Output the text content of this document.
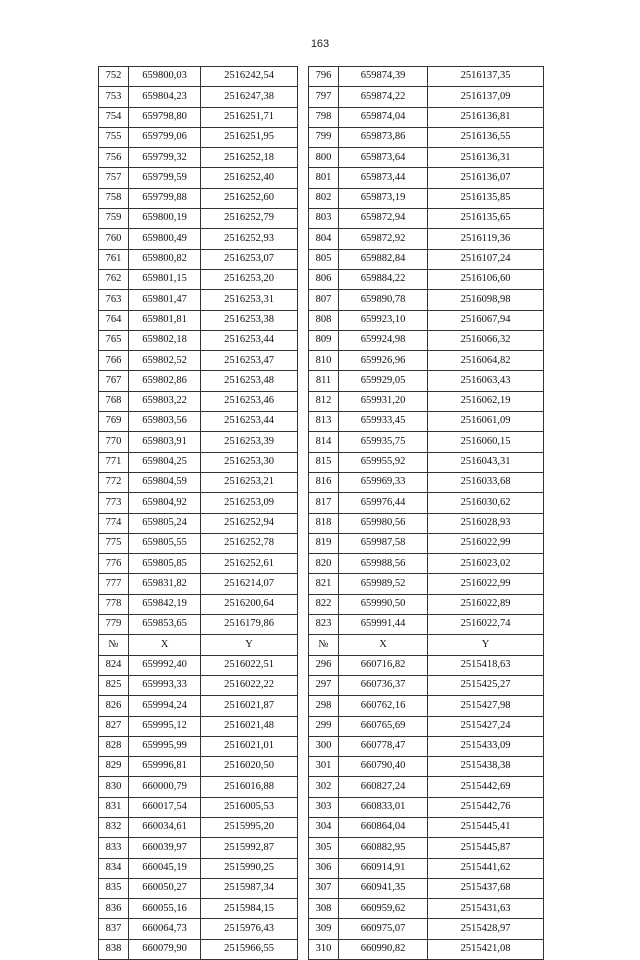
163
752	659800,03	2516242,54		796	659874,39	2516137,35
753	659804,23	2516247,38		797	659874,22	2516137,09
754	659798,80	2516251,71		798	659874,04	2516136,81
755	659799,06	2516251,95		799	659873,86	2516136,55
756	659799,32	2516252,18		800	659873,64	2516136,31
757	659799,59	2516252,40		801	659873,44	2516136,07
758	659799,88	2516252,60		802	659873,19	2516135,85
759	659800,19	2516252,79		803	659872,94	2516135,65
760	659800,49	2516252,93		804	659872,92	2516119,36
761	659800,82	2516253,07		805	659882,84	2516107,24
762	659801,15	2516253,20		806	659884,22	2516106,60
763	659801,47	2516253,31		807	659890,78	2516098,98
764	659801,81	2516253,38		808	659923,10	2516067,94
765	659802,18	2516253,44		809	659924,98	2516066,32
766	659802,52	2516253,47		810	659926,96	2516064,82
767	659802,86	2516253,48		811	659929,05	2516063,43
768	659803,22	2516253,46		812	659931,20	2516062,19
769	659803,56	2516253,44		813	659933,45	2516061,09
770	659803,91	2516253,39		814	659935,75	2516060,15
771	659804,25	2516253,30		815	659955,92	2516043,31
772	659804,59	2516253,21		816	659969,33	2516033,68
773	659804,92	2516253,09		817	659976,44	2516030,62
774	659805,24	2516252,94		818	659980,56	2516028,93
775	659805,55	2516252,78		819	659987,58	2516022,99
776	659805,85	2516252,61		820	659988,56	2516023,02
777	659831,82	2516214,07		821	659989,52	2516022,99
778	659842,19	2516200,64		822	659990,50	2516022,89
779	659853,65	2516179,86		823	659991,44	2516022,74
№	X	Y		№	X	Y
824	659992,40	2516022,51		296	660716,82	2515418,63
825	659993,33	2516022,22		297	660736,37	2515425,27
826	659994,24	2516021,87		298	660762,16	2515427,98
827	659995,12	2516021,48		299	660765,69	2515427,24
828	659995,99	2516021,01		300	660778,47	2515433,09
829	659996,81	2516020,50		301	660790,40	2515438,38
830	660000,79	2516016,88		302	660827,24	2515442,69
831	660017,54	2516005,53		303	660833,01	2515442,76
832	660034,61	2515995,20		304	660864,04	2515445,41
833	660039,97	2515992,87		305	660882,95	2515445,87
834	660045,19	2515990,25		306	660914,91	2515441,62
835	660050,27	2515987,34		307	660941,35	2515437,68
836	660055,16	2515984,15		308	660959,62	2515431,63
837	660064,73	2515976,43		309	660975,07	2515428,97
838	660079,90	2515966,55		310	660990,82	2515421,08
